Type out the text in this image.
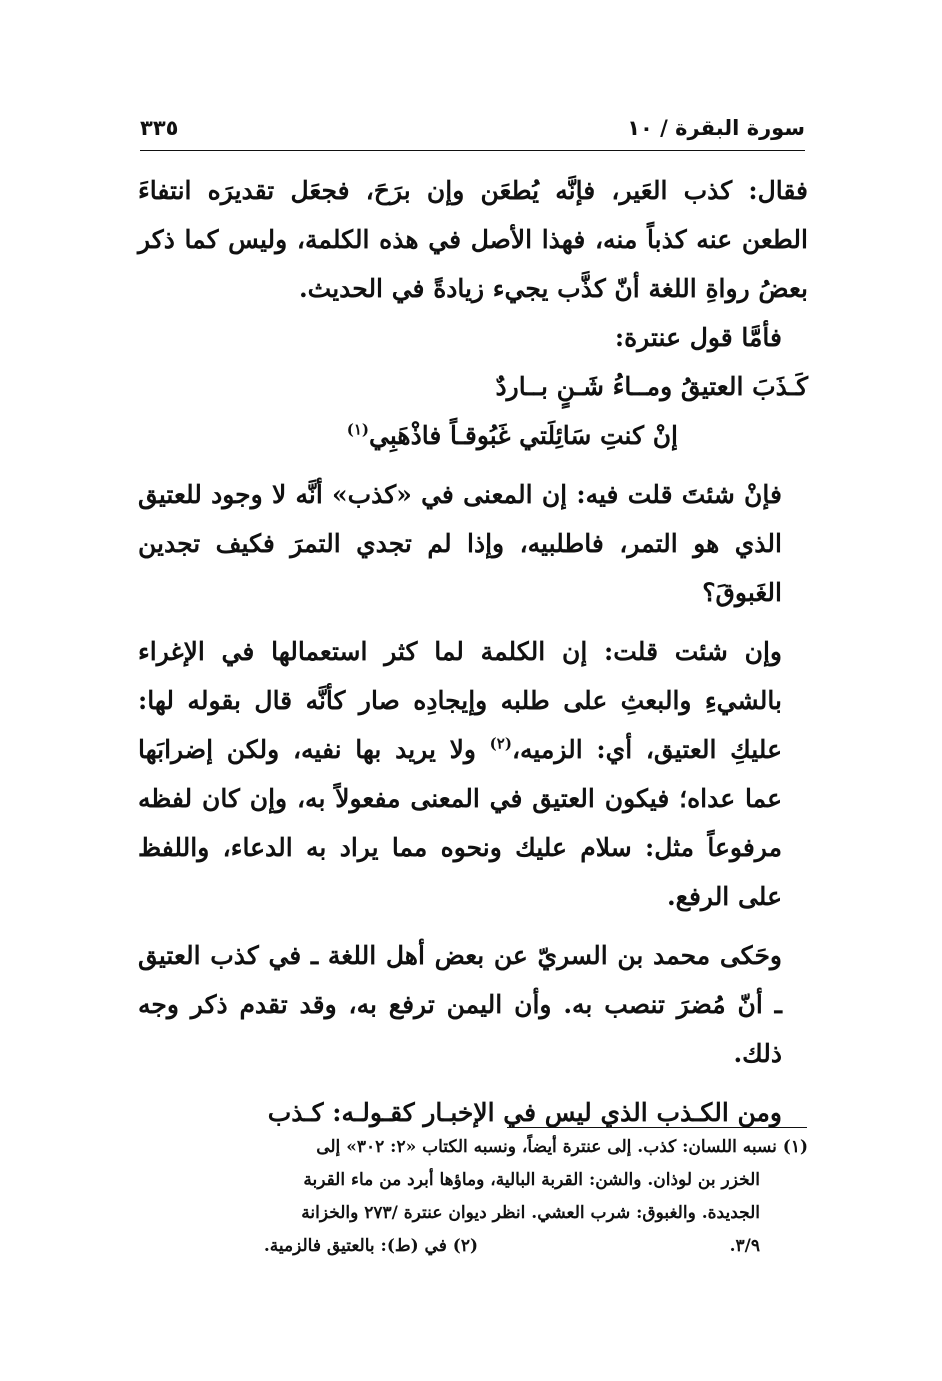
سورة البقرة / ١٠
٣٣٥

فقال: كذب العَير، فإنَّه يُطعَن وإن برَحَ، فجعَل تقديرَه انتفاءَ الطعن عنه كذباً منه، فهذا الأصل في هذه الكلمة، وليس كما ذكر بعضُ رواةِ اللغة أنّ كذَّب يجيء زيادةً في الحديث.

فأمَّا قول عنترة:

كَـذَبَ العتيقُ ومــاءُ شَـنٍ بــاردٌ

إنْ كنتِ سَائِلَتي غَبُوقـاً فاذْهَبِي$^{(١)}$

فإنْ شئتَ قلت فيه: إن المعنى في «كذب» أنَّه لا وجود للعتيق الذي هو التمر، فاطلبيه، وإذا لم تجدي التمرَ فكيف تجدين الغَبوقَ؟

وإن شئت قلت: إن الكلمة لما كثر استعمالها في الإغراء بالشيءِ والبعثِ على طلبه وإيجادِه صار كأنَّه قال بقوله لها: عليكِ العتيق، أي: الزميه،$^{(٢)}$ ولا يريد بها نفيه، ولكن إضرابَها عما عداه؛ فيكون العتيق في المعنى مفعولاً به، وإن كان لفظه مرفوعاً مثل: سلام عليك ونحوه مما يراد به الدعاء، واللفظ على الرفع.

وحَكى محمد بن السريّ عن بعض أهل اللغة ـ في كذب العتيق ـ أنّ مُضرَ تنصب به. وأن اليمن ترفع به، وقد تقدم ذكر وجه ذلك.

ومن الكـذب الذي ليس في الإخبـار كقـولـه: كـذب

(١) نسبه اللسان: كذب. إلى عنترة أيضاً، ونسبه الكتاب «٢: ٣٠٢» إلى

الخزر بن لوذان. والشن: القربة البالية، وماؤها أبرد من ماء القربة

الجديدة. والغبوق: شرب العشي. انظر ديوان عنترة /٢٧٣ والخزانة

٣/٩.
(٢) في (ط): بالعتيق فالزمية.
